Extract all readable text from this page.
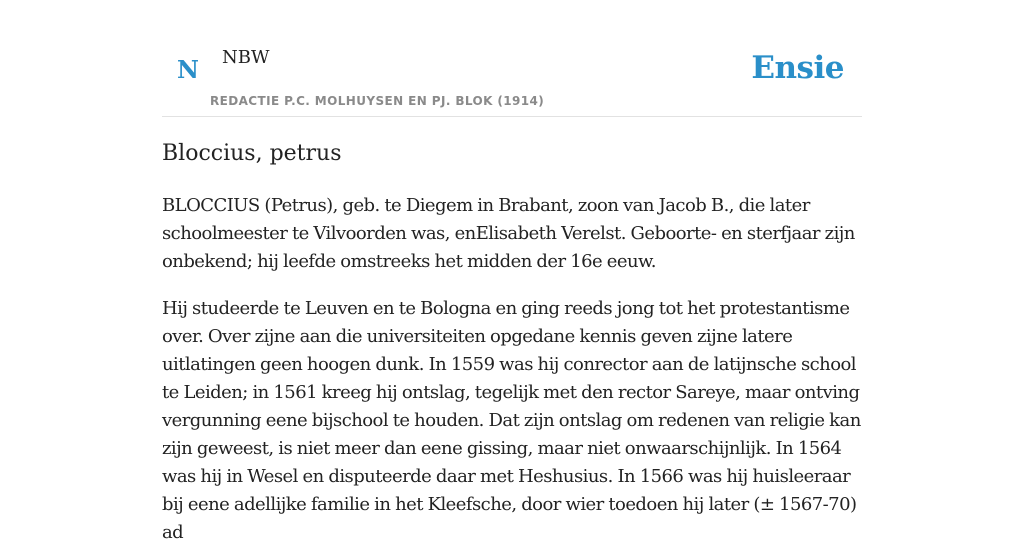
N NBW
REDACTIE P.C. MOLHUYSEN EN PJ. BLOK (1914)
Ensie
Bloccius, petrus

BLOCCIUS (Petrus), geb. te Diegem in Brabant, zoon van Jacob B., die later schoolmeester te Vilvoorden was, enElisabeth Verelst. Geboorte- en sterfjaar zijn onbekend; hij leefde omstreeks het midden der 16e eeuw.

Hij studeerde te Leuven en te Bologna en ging reeds jong tot het protestantisme over. Over zijne aan die universiteiten opgedane kennis geven zijne latere uitlatingen geen hoogen dunk. In 1559 was hij conrector aan de latijnsche school te Leiden; in 1561 kreeg hij ontslag, tegelijk met den rector Sareye, maar ontving vergunning eene bijschool te houden. Dat zijn ontslag om redenen van religie kan zijn geweest, is niet meer dan eene gissing, maar niet onwaarschijnlijk. In 1564 was hij in Wesel en disputeerde daar met Heshusius. In 1566 was hij huisleeraar bij eene adellijke familie in het Kleefsche, door wier toedoen hij later (± 1567-70) ad
